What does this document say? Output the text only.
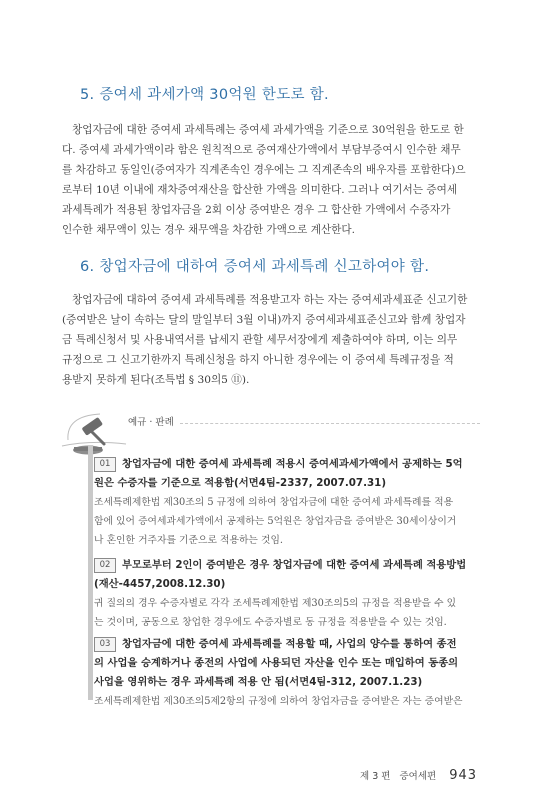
5. 증여세 과세가액 30억원 한도로 함.
창업자금에 대한 증여세 과세특례는 증여세 과세가액을 기준으로 30억원을 한도로 한
다. 증여세 과세가액이라 함은 원칙적으로 증여재산가액에서 부담부증여시 인수한 채무
를 차감하고 동일인(증여자가 직계존속인 경우에는 그 직계존속의 배우자를 포함한다)으
로부터 10년 이내에 재차증여재산을 합산한 가액을 의미한다. 그러나 여기서는 증여세
과세특례가 적용된 창업자금을 2회 이상 증여받은 경우 그 합산한 가액에서 수증자가
인수한 채무액이 있는 경우 채무액을 차감한 가액으로 계산한다.
6. 창업자금에 대하여 증여세 과세특례 신고하여야 함.
창업자금에 대하여 증여세 과세특례를 적용받고자 하는 자는 증여세과세표준 신고기한
(증여받은 날이 속하는 달의 말일부터 3월 이내)까지 증여세과세표준신고와 함께 창업자
금 특례신청서 및 사용내역서를 납세지 관할 세무서장에게 제출하여야 하며, 이는 의무
규정으로 그 신고기한까지 특례신청을 하지 아니한 경우에는 이 증여세 특례규정을 적
용받지 못하게 된다(조특법 § 30의5 ⑪).
예규 · 판례
01 창업자금에 대한 증여세 과세특례 적용시 증여세과세가액에서 공제하는 5억
원은 수증자를 기준으로 적용함(서면4팀-2337, 2007.07.31)
조세특례제한법 제30조의 5 규정에 의하여 창업자금에 대한 증여세 과세특례를 적용
함에 있어 증여세과세가액에서 공제하는 5억원은 창업자금을 증여받은 30세이상이거
나 혼인한 거주자를 기준으로 적용하는 것임.
02 부모로부터 2인이 증여받은 경우 창업자금에 대한 증여세 과세특례 적용방법
(재산-4457,2008.12.30)
귀 질의의 경우 수증자별로 각각 조세특례제한법 제30조의5의 규정을 적용받을 수 있
는 것이며, 공동으로 창업한 경우에도 수증자별로 동 규정을 적용받을 수 있는 것임.
03 창업자금에 대한 증여세 과세특례를 적용할 때, 사업의 양수를 통하여 종전
의 사업을 승계하거나 종전의 사업에 사용되던 자산을 인수 또는 매입하여 동종의
사업을 영위하는 경우 과세특례 적용 안 됨(서면4팀-312, 2007.1.23)
조세특례제한법 제30조의5제2항의 규정에 의하여 창업자금을 증여받은 자는 증여받은
제 3 편 증여세편 943
